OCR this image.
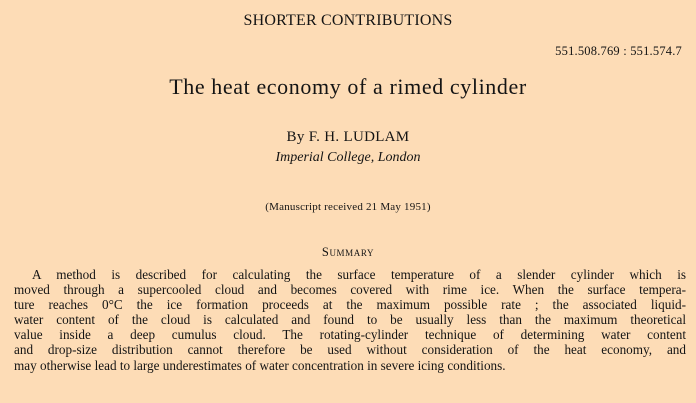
SHORTER CONTRIBUTIONS
551.508.769 : 551.574.7
The heat economy of a rimed cylinder
By F. H. LUDLAM
Imperial College, London
(Manuscript received 21 May 1951)
Summary
A method is described for calculating the surface temperature of a slender cylinder which is
moved through a supercooled cloud and becomes covered with rime ice. When the surface tempera-
ture reaches 0°C the ice formation proceeds at the maximum possible rate ; the associated liquid-
water content of the cloud is calculated and found to be usually less than the maximum theoretical
value inside a deep cumulus cloud. The rotating-cylinder technique of determining water content
and drop-size distribution cannot therefore be used without consideration of the heat economy, and
may otherwise lead to large underestimates of water concentration in severe icing conditions.
